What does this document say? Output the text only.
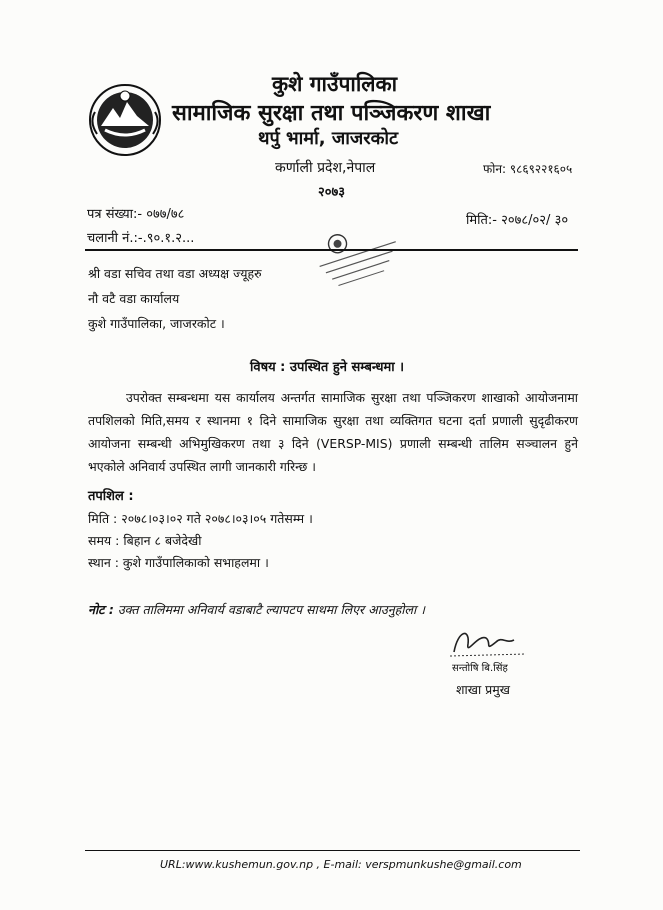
कुशे गाउँपालिका
सामाजिक सुरक्षा तथा पञ्जिकरण शाखा
थर्पु भार्मा, जाजरकोट
कर्णाली प्रदेश,नेपाल	फोन: ९८६९२२१६०५
२०७३
पत्र संख्या:- ०७७/७८
चलानी नं.:-.९०.१.२...
मिति:- २०७८/०२/ ३०
श्री वडा सचिव तथा वडा अध्यक्ष ज्यूहरु
नौ वटै वडा कार्यालय
कुशे गाउँपालिका, जाजरकोट ।
विषय : उपस्थित हुने सम्बन्धमा ।
उपरोक्त सम्बन्धमा यस कार्यालय अन्तर्गत सामाजिक सुरक्षा तथा पञ्जिकरण शाखाको आयोजनामा तपशिलको मिति,समय र स्थानमा १ दिने सामाजिक सुरक्षा तथा व्यक्तिगत घटना दर्ता प्रणाली सुदृढीकरण आयोजना सम्बन्धी अभिमुखिकरण तथा ३ दिने (VERSP-MIS) प्रणाली सम्बन्धी तालिम सञ्चालन हुने भएकोले अनिवार्य उपस्थित लागी जानकारी गरिन्छ ।
तपशिल :
मिति : २०७८।०३।०२ गते २०७८।०३।०५ गतेसम्म ।
समय : बिहान ८ बजेदेखी
स्थान : कुशे गाउँपालिकाको सभाहलमा ।
नोट : उक्त तालिममा अनिवार्य वडाबाटै ल्यापटप साथमा लिएर आउनुहोला ।
सन्तोषि बि.सिंह
शाखा प्रमुख
URL:www.kushemun.gov.np , E-mail: verspmunkushe@gmail.com
